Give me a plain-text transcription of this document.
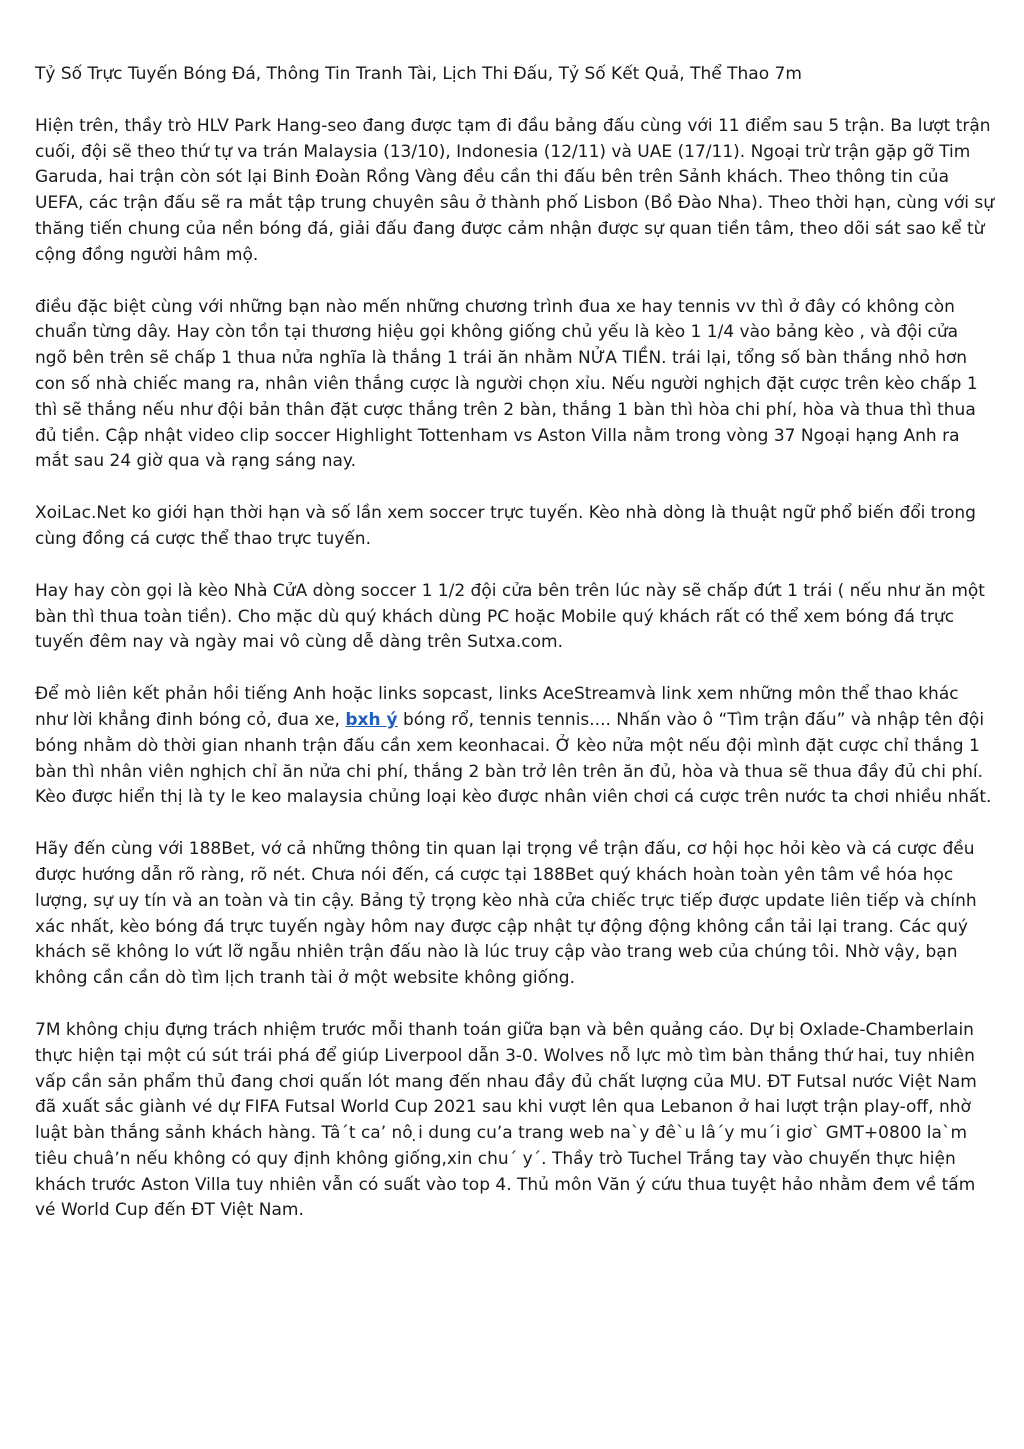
Tỷ Số Trực Tuyến Bóng Đá, Thông Tin Tranh Tài, Lịch Thi Đấu, Tỷ Số Kết Quả, Thể Thao 7m

Hiện trên, thầy trò HLV Park Hang-seo đang được tạm đi đầu bảng đấu cùng với 11 điểm sau 5 trận. Ba lượt trận cuối, đội sẽ theo thứ tự va trán Malaysia (13/10), Indonesia (12/11) và UAE (17/11). Ngoại trừ trận gặp gỡ Tim Garuda, hai trận còn sót lại Binh Đoàn Rồng Vàng đều cần thi đấu bên trên Sảnh khách. Theo thông tin của UEFA, các trận đấu sẽ ra mắt tập trung chuyên sâu ở thành phố Lisbon (Bồ Đào Nha). Theo thời hạn, cùng với sự thăng tiến chung của nền bóng đá, giải đấu đang được cảm nhận được sự quan tiền tâm, theo dõi sát sao kể từ cộng đồng người hâm mộ.

điều đặc biệt cùng với những bạn nào mến những chương trình đua xe hay tennis vv thì ở đây có không còn chuẩn từng dây. Hay còn tồn tại thương hiệu gọi không giống chủ yếu là kèo 1 1/4 vào bảng kèo , và đội cửa ngõ bên trên sẽ chấp 1 thua nửa nghĩa là thắng 1 trái ăn nhằm NỬA TIỀN. trái lại, tổng số bàn thắng nhỏ hơn con số nhà chiếc mang ra, nhân viên thắng cược là người chọn xỉu. Nếu người nghịch đặt cược trên kèo chấp 1 thì sẽ thắng nếu như đội bản thân đặt cược thắng trên 2 bàn, thắng 1 bàn thì hòa chi phí, hòa và thua thì thua đủ tiền. Cập nhật video clip soccer Highlight Tottenham vs Aston Villa nằm trong vòng 37 Ngoại hạng Anh ra mắt sau 24 giờ qua và rạng sáng nay.

XoiLac.Net ko giới hạn thời hạn và số lần xem soccer trực tuyến. Kèo nhà dòng là thuật ngữ phổ biến đổi trong cùng đồng cá cược thể thao trực tuyến.

Hay hay còn gọi là kèo Nhà CửA dòng soccer 1 1/2 đội cửa bên trên lúc này sẽ chấp đứt 1 trái ( nếu như ăn một bàn thì thua toàn tiền). Cho mặc dù quý khách dùng PC hoặc Mobile quý khách rất có thể xem bóng đá trực tuyến đêm nay và ngày mai vô cùng dễ dàng trên Sutxa.com.

Để mò liên kết phản hồi tiếng Anh hoặc links sopcast, links AceStreamvà link xem những môn thể thao khác như lời khẳng đinh bóng cỏ, đua xe, bxh ý bóng rổ, tennis tennis.... Nhấn vào ô “Tìm trận đấu” và nhập tên đội bóng nhằm dò thời gian nhanh trận đấu cần xem keonhacai. Ở kèo nửa một nếu đội mình đặt cược chỉ thắng 1 bàn thì nhân viên nghịch chỉ ăn nửa chi phí, thắng 2 bàn trở lên trên ăn đủ, hòa và thua sẽ thua đầy đủ chi phí. Kèo được hiển thị là ty le keo malaysia chủng loại kèo được nhân viên chơi cá cược trên nước ta chơi nhiều nhất.

Hãy đến cùng với 188Bet, vớ cả những thông tin quan lại trọng về trận đấu, cơ hội học hỏi kèo và cá cược đều được hướng dẫn rõ ràng, rõ nét. Chưa nói đến, cá cược tại 188Bet quý khách hoàn toàn yên tâm về hóa học lượng, sự uy tín và an toàn và tin cậy. Bảng tỷ trọng kèo nhà cửa chiếc trực tiếp được update liên tiếp và chính xác nhất, kèo bóng đá trực tuyến ngày hôm nay được cập nhật tự động động không cần tải lại trang. Các quý khách sẽ không lo vứt lỡ ngẫu nhiên trận đấu nào là lúc truy cập vào trang web của chúng tôi. Nhờ vậy, bạn không cần cần dò tìm lịch tranh tài ở một website không giống.

7M không chịu đựng trách nhiệm trước mỗi thanh toán giữa bạn và bên quảng cáo. Dự bị Oxlade-Chamberlain thực hiện tại một cú sút trái phá để giúp Liverpool dẫn 3-0. Wolves nỗ lực mò tìm bàn thắng thứ hai, tuy nhiên vấp cần sản phẩm thủ đang chơi quấn lót mang đến nhau đầy đủ chất lượng của MU. ĐT Futsal nước Việt Nam đã xuất sắc giành vé dự FIFA Futsal World Cup 2021 sau khi vượt lên qua Lebanon ở hai lượt trận play-off, nhờ luật bàn thắng sảnh khách hàng. Tâ´t caʼ nô ̣i dung cuʼa trang web na`y đê`u lâ´y mu´i giơ` GMT+0800 la`m tiêu chuâʼn nếu không có quy định không giống,xin chu´ y´. Thầy trò Tuchel Trắng tay vào chuyến thực hiện khách trước Aston Villa tuy nhiên vẫn có suất vào top 4. Thủ môn Văn ý cứu thua tuyệt hảo nhằm đem về tấm vé World Cup đến ĐT Việt Nam.
